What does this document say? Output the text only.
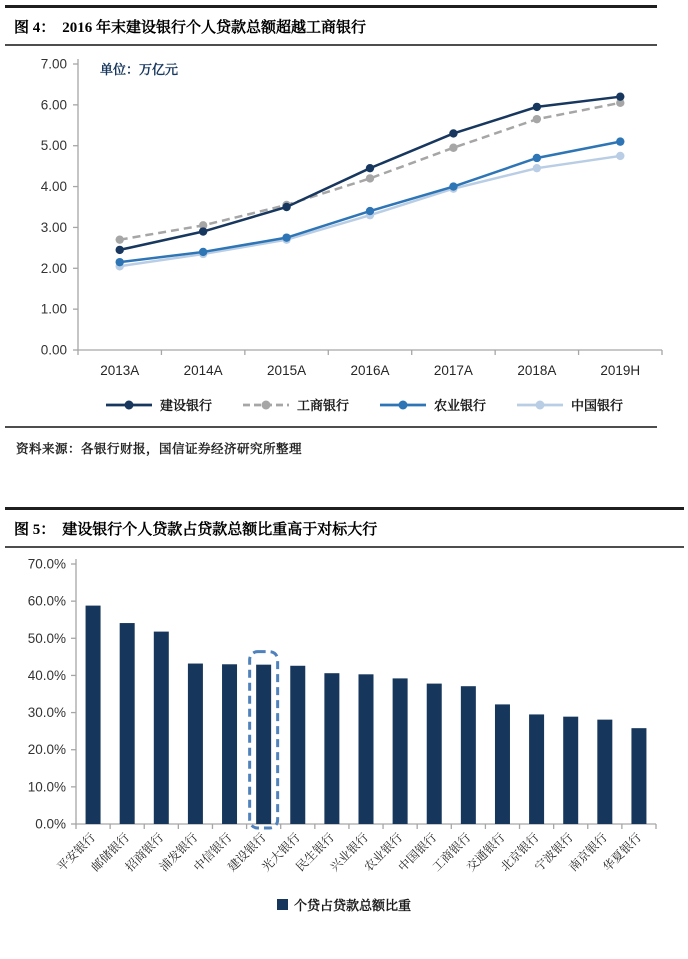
图 4： 2016 年末建设银行个人贷款总额超越工商银行
0.00
1.00
2.00
3.00
4.00
5.00
6.00
7.00
2013A	2014A	2015A	2016A	2017A	2018A	2019H
单位：万亿元
建设银行	工商银行	农业银行	中国银行

资料来源：各银行财报，国信证券经济研究所整理

图 5： 建设银行个人贷款占贷款总额比重高于对标大行
0.0%
10.0%
20.0%
30.0%
40.0%
50.0%
60.0%
70.0%
平安银行
邮储银行
招商银行
浦发银行
中信银行
建设银行
光大银行
民生银行
兴业银行
农业银行
中国银行
工商银行
交通银行
北京银行
宁波银行
南京银行
华夏银行
个贷占贷款总额比重
